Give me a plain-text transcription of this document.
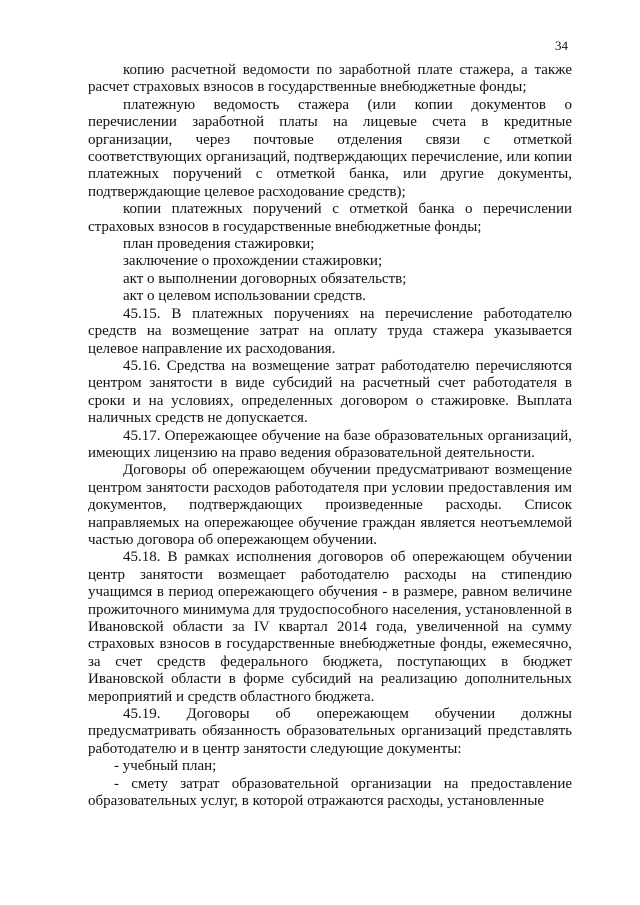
34

копию расчетной ведомости по заработной плате стажера, а также расчет страховых взносов в государственные внебюджетные фонды;

платежную ведомость стажера (или копии документов о перечислении заработной платы на лицевые счета в кредитные организации, через почтовые отделения связи с отметкой соответствующих организаций, подтверждающих перечисление, или копии платежных поручений с отметкой банка, или другие документы, подтверждающие целевое расходование средств);

копии платежных поручений с отметкой банка о перечислении страховых взносов в государственные внебюджетные фонды;

план проведения стажировки;

заключение о прохождении стажировки;

акт о выполнении договорных обязательств;

акт о целевом использовании средств.

45.15. В платежных поручениях на перечисление работодателю средств на возмещение затрат на оплату труда стажера указывается целевое направление их расходования.

45.16. Средства на возмещение затрат работодателю перечисляются центром занятости в виде субсидий на расчетный счет работодателя в сроки и на условиях, определенных договором о стажировке. Выплата наличных средств не допускается.

45.17. Опережающее обучение на базе образовательных организаций, имеющих лицензию на право ведения образовательной деятельности.

Договоры об опережающем обучении предусматривают возмещение центром занятости расходов работодателя при условии предоставления им документов, подтверждающих произведенные расходы. Список направляемых на опережающее обучение граждан является неотъемлемой частью договора об опережающем обучении.

45.18. В рамках исполнения договоров об опережающем обучении центр занятости возмещает работодателю расходы на стипендию учащимся в период опережающего обучения - в размере, равном величине прожиточного минимума для трудоспособного населения, установленной в Ивановской области за IV квартал 2014 года, увеличенной на сумму страховых взносов в государственные внебюджетные фонды, ежемесячно, за счет средств федерального бюджета, поступающих в бюджет Ивановской области в форме субсидий на реализацию дополнительных мероприятий и средств областного бюджета.

45.19. Договоры об опережающем обучении должны предусматривать обязанность образовательных организаций представлять работодателю и в центр занятости следующие документы:

- учебный план;

- смету затрат образовательной организации на предоставление образовательных услуг, в которой отражаются расходы, установленные
